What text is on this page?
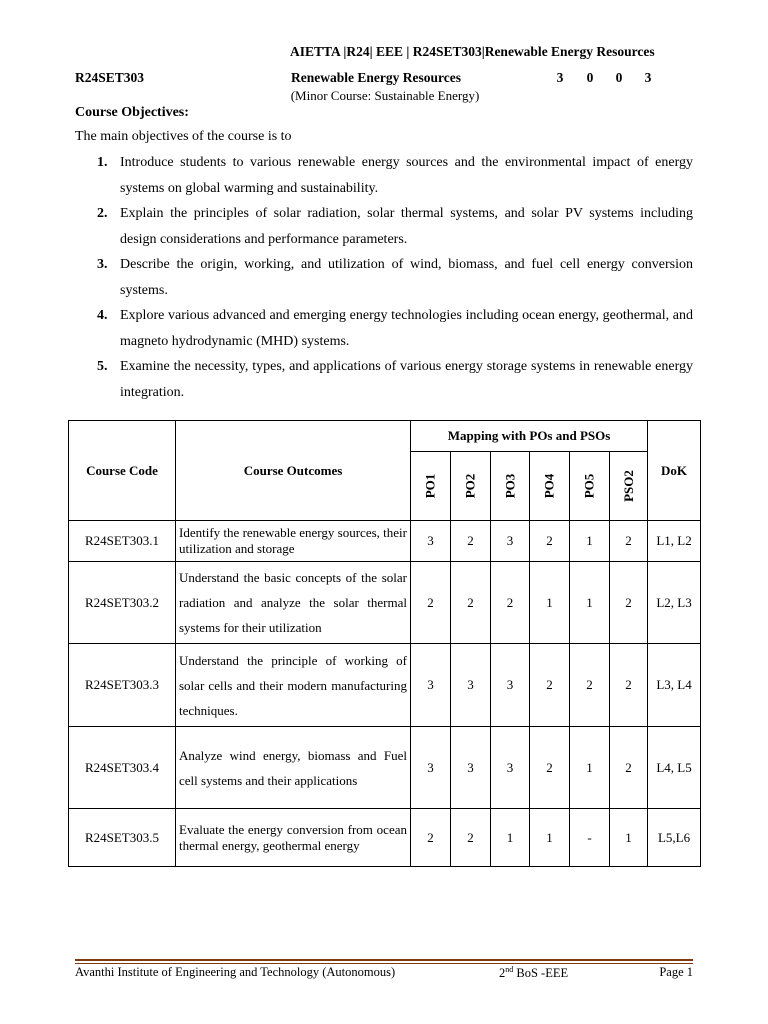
AIETTA |R24| EEE | R24SET303|Renewable Energy Resources
R24SET303	Renewable Energy Resources	3 0 0 3
(Minor Course: Sustainable Energy)
Course Objectives:
The main objectives of the course is to
1. Introduce students to various renewable energy sources and the environmental impact of energy systems on global warming and sustainability.
2. Explain the principles of solar radiation, solar thermal systems, and solar PV systems including design considerations and performance parameters.
3. Describe the origin, working, and utilization of wind, biomass, and fuel cell energy conversion systems.
4. Explore various advanced and emerging energy technologies including ocean energy, geothermal, and magneto hydrodynamic (MHD) systems.
5. Examine the necessity, types, and applications of various energy storage systems in renewable energy integration.
Course Code	Course Outcomes	Mapping with POs and PSOs						DoK
		PO1	PO2	PO3	PO4	PO5	PSO2	
R24SET303.1	Identify the renewable energy sources, their utilization and storage	3	2	3	2	1	2	L1, L2
R24SET303.2	Understand the basic concepts of the solar radiation and analyze the solar thermal systems for their utilization	2	2	2	1	1	2	L2, L3
R24SET303.3	Understand the principle of working of solar cells and their modern manufacturing techniques.	3	3	3	2	2	2	L3, L4
R24SET303.4	Analyze wind energy, biomass and Fuel cell systems and their applications	3	3	3	2	1	2	L4, L5
R24SET303.5	Evaluate the energy conversion from ocean thermal energy, geothermal energy	2	2	1	1	-	1	L5,L6
Avanthi Institute of Engineering and Technology (Autonomous)	2nd BoS -EEE	Page 1
